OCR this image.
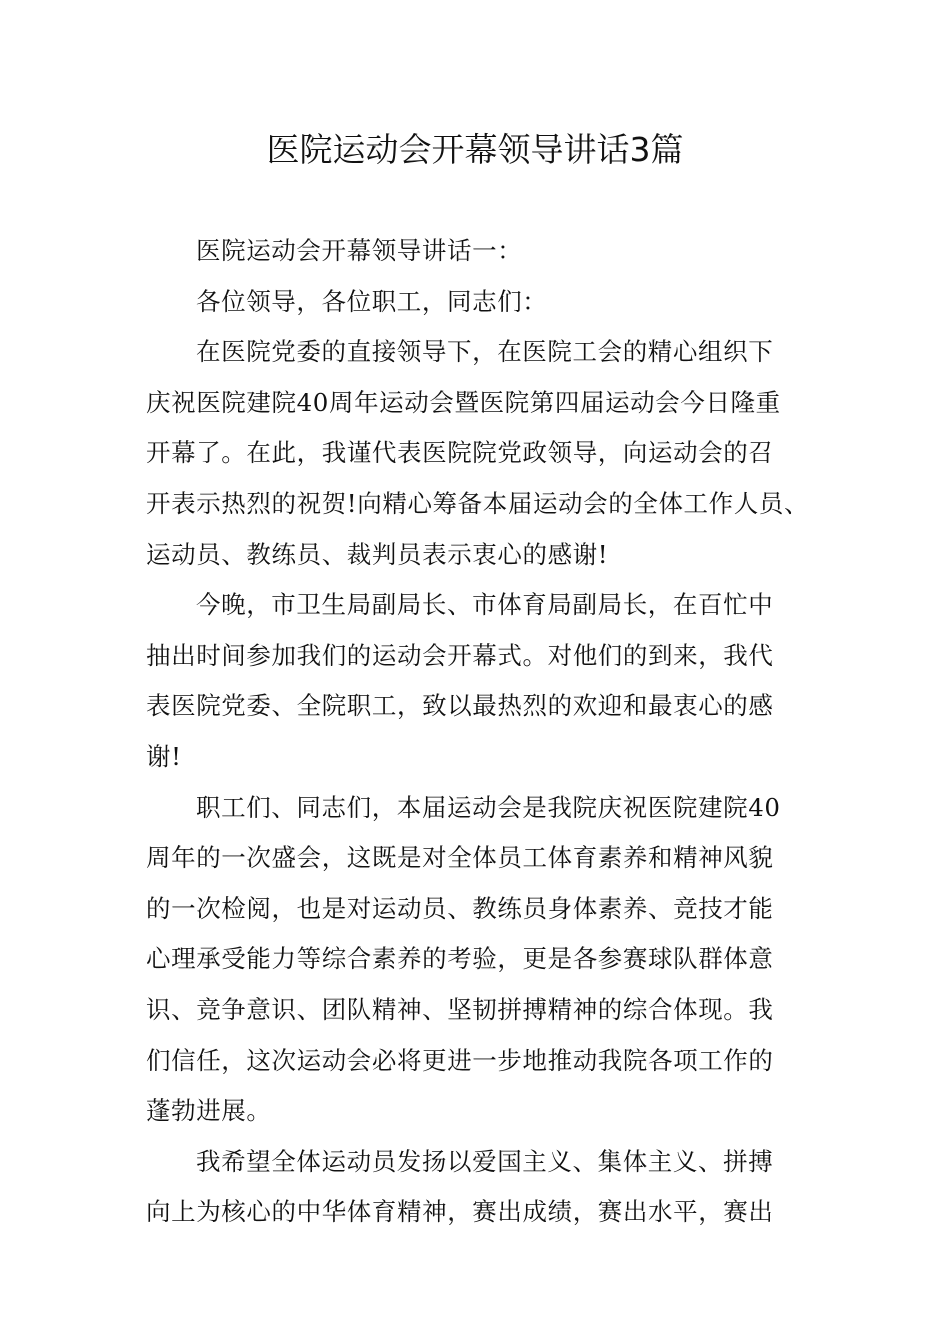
医院运动会开幕领导讲话3篇
医院运动会开幕领导讲话一：
各位领导，各位职工，同志们：
在医院党委的直接领导下，在医院工会的精心组织下
庆祝医院建院40周年运动会暨医院第四届运动会今日隆重
开幕了。在此，我谨代表医院院党政领导，向运动会的召
开表示热烈的祝贺!向精心筹备本届运动会的全体工作人员、
运动员、教练员、裁判员表示衷心的感谢!
今晚，市卫生局副局长、市体育局副局长，在百忙中
抽出时间参加我们的运动会开幕式。对他们的到来，我代
表医院党委、全院职工，致以最热烈的欢迎和最衷心的感
谢!
职工们、同志们，本届运动会是我院庆祝医院建院40
周年的一次盛会，这既是对全体员工体育素养和精神风貌
的一次检阅，也是对运动员、教练员身体素养、竞技才能
心理承受能力等综合素养的考验，更是各参赛球队群体意
识、竞争意识、团队精神、坚韧拼搏精神的综合体现。我
们信任，这次运动会必将更进一步地推动我院各项工作的
蓬勃进展。
我希望全体运动员发扬以爱国主义、集体主义、拼搏
向上为核心的中华体育精神，赛出成绩，赛出水平，赛出
